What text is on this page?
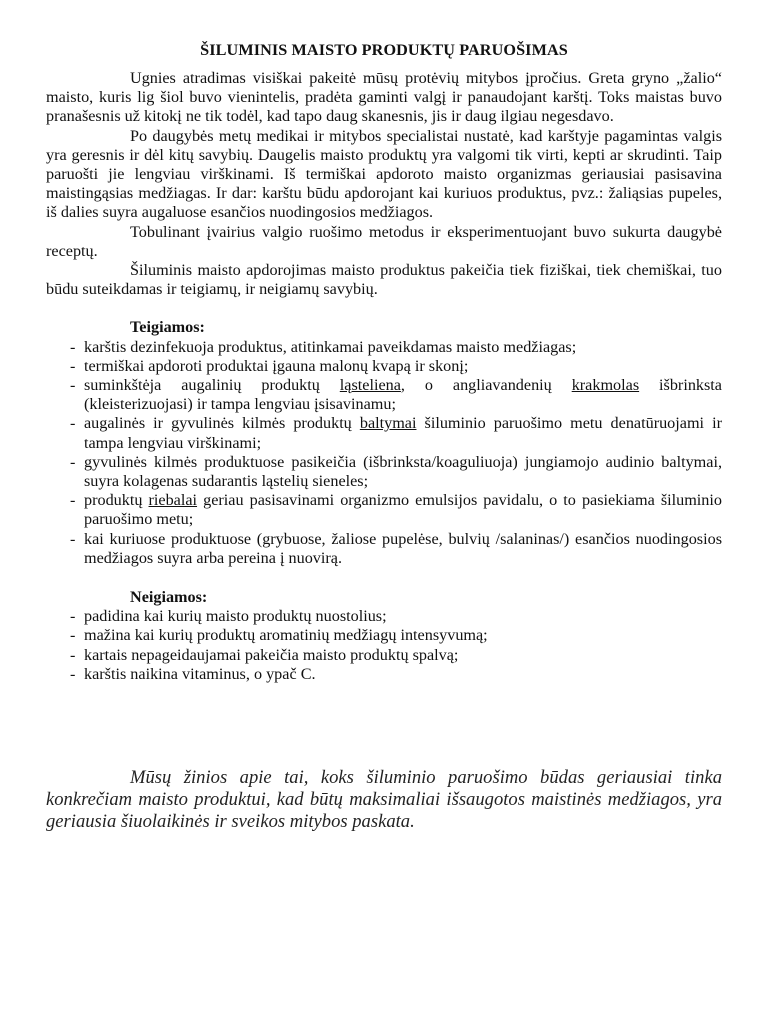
ŠILUMINIS MAISTO PRODUKTŲ PARUOŠIMAS

Ugnies atradimas visiškai pakeitė mūsų protėvių mitybos įpročius. Greta gryno „žalio“ maisto, kuris lig šiol buvo vienintelis, pradėta gaminti valgį ir panaudojant karštį. Toks maistas buvo pranašesnis už kitokį ne tik todėl, kad tapo daug skanesnis, jis ir daug ilgiau negesdavo.

Po daugybės metų medikai ir mitybos specialistai nustatė, kad karštyje pagamintas valgis yra geresnis ir dėl kitų savybių. Daugelis maisto produktų yra valgomi tik virti, kepti ar skrudinti. Taip paruošti jie lengviau virškinami. Iš termiškai apdoroto maisto organizmas geriausiai pasisavina maistingąsias medžiagas. Ir dar: karštu būdu apdorojant kai kuriuos produktus, pvz.: žaliąsias pupeles, iš dalies suyra augaluose esančios nuodingosios medžiagos.

Tobulinant įvairius valgio ruošimo metodus ir eksperimentuojant buvo sukurta daugybė receptų.

Šiluminis maisto apdorojimas maisto produktus pakeičia tiek fiziškai, tiek chemiškai, tuo būdu suteikdamas ir teigiamų, ir neigiamų savybių.

Teigiamos:

- karštis dezinfekuoja produktus, atitinkamai paveikdamas maisto medžiagas;
- termiškai apdoroti produktai įgauna malonų kvapą ir skonį;
- suminkštėja augalinių produktų ląsteliena, o angliavandenių krakmolas išbrinksta (kleisterizuojasi) ir tampa lengviau įsisavinamu;
- augalinės ir gyvulinės kilmės produktų baltymai šiluminio paruošimo metu denatūruojami ir tampa lengviau virškinami;
- gyvulinės kilmės produktuose pasikeičia (išbrinksta/koaguliuoja) jungiamojo audinio baltymai, suyra kolagenas sudarantis ląstelių sieneles;
- produktų riebalai geriau pasisavinami organizmo emulsijos pavidalu, o to pasiekiama šiluminio paruošimo metu;
- kai kuriuose produktuose (grybuose, žaliose pupelėse, bulvių /salaninas/) esančios nuodingosios medžiagos suyra arba pereina į nuovirą.

Neigiamos:

- padidina kai kurių maisto produktų nuostolius;
- mažina kai kurių produktų aromatinių medžiagų intensyvumą;
- kartais nepageidaujamai pakeičia maisto produktų spalvą;
- karštis naikina vitaminus, o ypač C.

Mūsų žinios apie tai, koks šiluminio paruošimo būdas geriausiai tinka konkrečiam maisto produktui, kad būtų maksimaliai išsaugotos maistinės medžiagos, yra geriausia šiuolaikinės ir sveikos mitybos paskata.
